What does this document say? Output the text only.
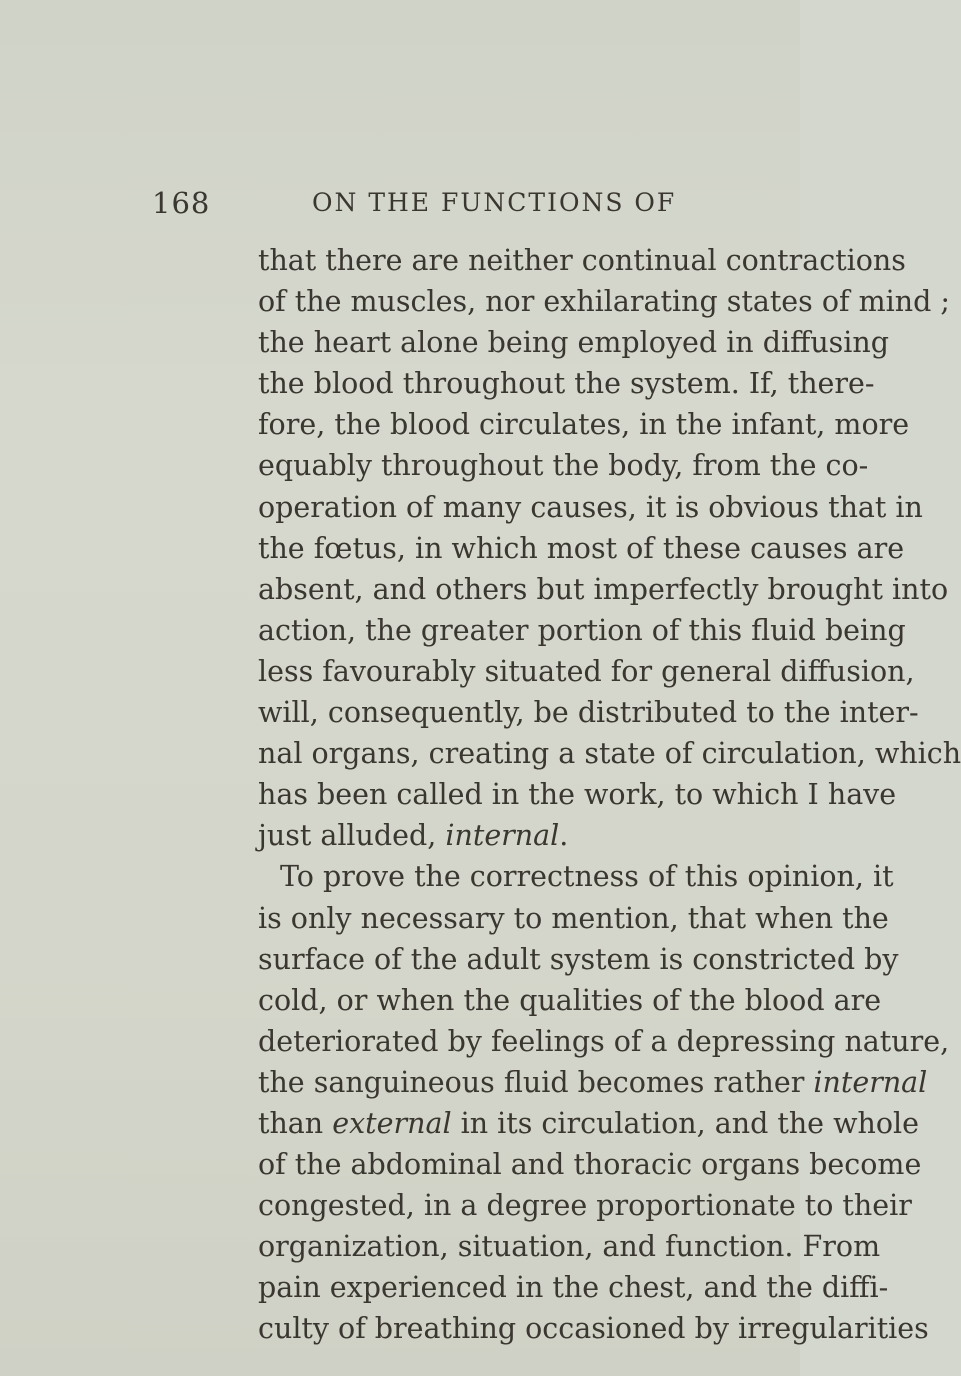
168	ON THE FUNCTIONS OF
that there are neither continual contractions
of the muscles, nor exhilarating states of mind ;
the heart alone being employed in diffusing
the blood throughout the system. If, there-
fore, the blood circulates, in the infant, more
equably throughout the body, from the co-
operation of many causes, it is obvious that in
the fœtus, in which most of these causes are
absent, and others but imperfectly brought into
action, the greater portion of this fluid being
less favourably situated for general diffusion,
will, consequently, be distributed to the inter-
nal organs, creating a state of circulation, which
has been called in the work, to which I have
just alluded, internal.
To prove the correctness of this opinion, it
is only necessary to mention, that when the
surface of the adult system is constricted by
cold, or when the qualities of the blood are
deteriorated by feelings of a depressing nature,
the sanguineous fluid becomes rather internal
than external in its circulation, and the whole
of the abdominal and thoracic organs become
congested, in a degree proportionate to their
organization, situation, and function. From
pain experienced in the chest, and the diffi-
culty of breathing occasioned by irregularities
